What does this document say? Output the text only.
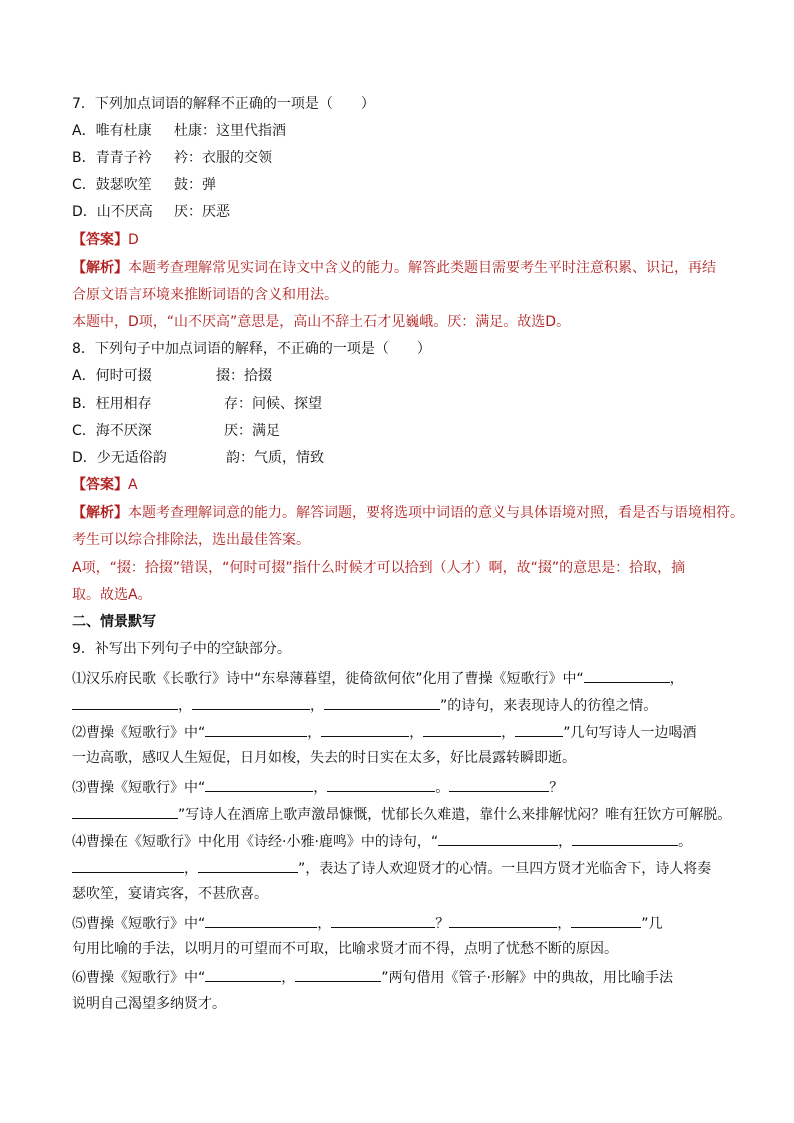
7．下列加点词语的解释不正确的一项是（　　）
A．唯有杜康 杜康：这里代指酒
B．青青子衿 衿：衣服的交领
C．鼓瑟吹笙 鼓：弹
D．山不厌高 厌：厌恶
【答案】D
【解析】本题考查理解常见实词在诗文中含义的能力。解答此类题目需要考生平时注意积累、识记，再结
合原文语言环境来推断词语的含义和用法。
本题中，D项，“山不厌高”意思是，高山不辞土石才见巍峨。厌：满足。故选D。
8．下列句子中加点词语的解释，不正确的一项是（　　）
A．何时可掇	掇：拾掇
B．枉用相存	存：问候、探望
C．海不厌深	厌：满足
D．少无适俗韵	韵：气质，情致
【答案】A
【解析】本题考查理解词意的能力。解答词题，要将选项中词语的意义与具体语境对照，看是否与语境相符。
考生可以综合排除法，选出最佳答案。
A项，“掇：拾掇”错误，“何时可掇”指什么时候才可以拾到（人才）啊，故“掇”的意思是：拾取，摘
取。故选A。
二、情景默写
9．补写出下列句子中的空缺部分。
⑴汉乐府民歌《长歌行》诗中“东皋薄暮望，徙倚欲何依”化用了曹操《短歌行》中“	，
，	，	”的诗句，来表现诗人的彷徨之情。
⑵曹操《短歌行》中“	，	，	，	”几句写诗人一边喝酒
一边高歌，感叹人生短促，日月如梭，失去的时日实在太多，好比晨露转瞬即逝。
⑶曹操《短歌行》中“	，	。	？
”写诗人在酒席上歌声激昂慷慨，忧郁长久难遣，靠什么来排解忧闷？唯有狂饮方可解脱。
⑷曹操在《短歌行》中化用《诗经·小雅·鹿鸣》中的诗句，“	，	。
，	”，表达了诗人欢迎贤才的心情。一旦四方贤才光临舍下，诗人将奏
瑟吹笙，宴请宾客，不甚欣喜。
⑸曹操《短歌行》中“	，	？	，	”几
句用比喻的手法，以明月的可望而不可取，比喻求贤才而不得，点明了忧愁不断的原因。
⑹曹操《短歌行》中“	，	”两句借用《管子·形解》中的典故，用比喻手法
说明自己渴望多纳贤才。
